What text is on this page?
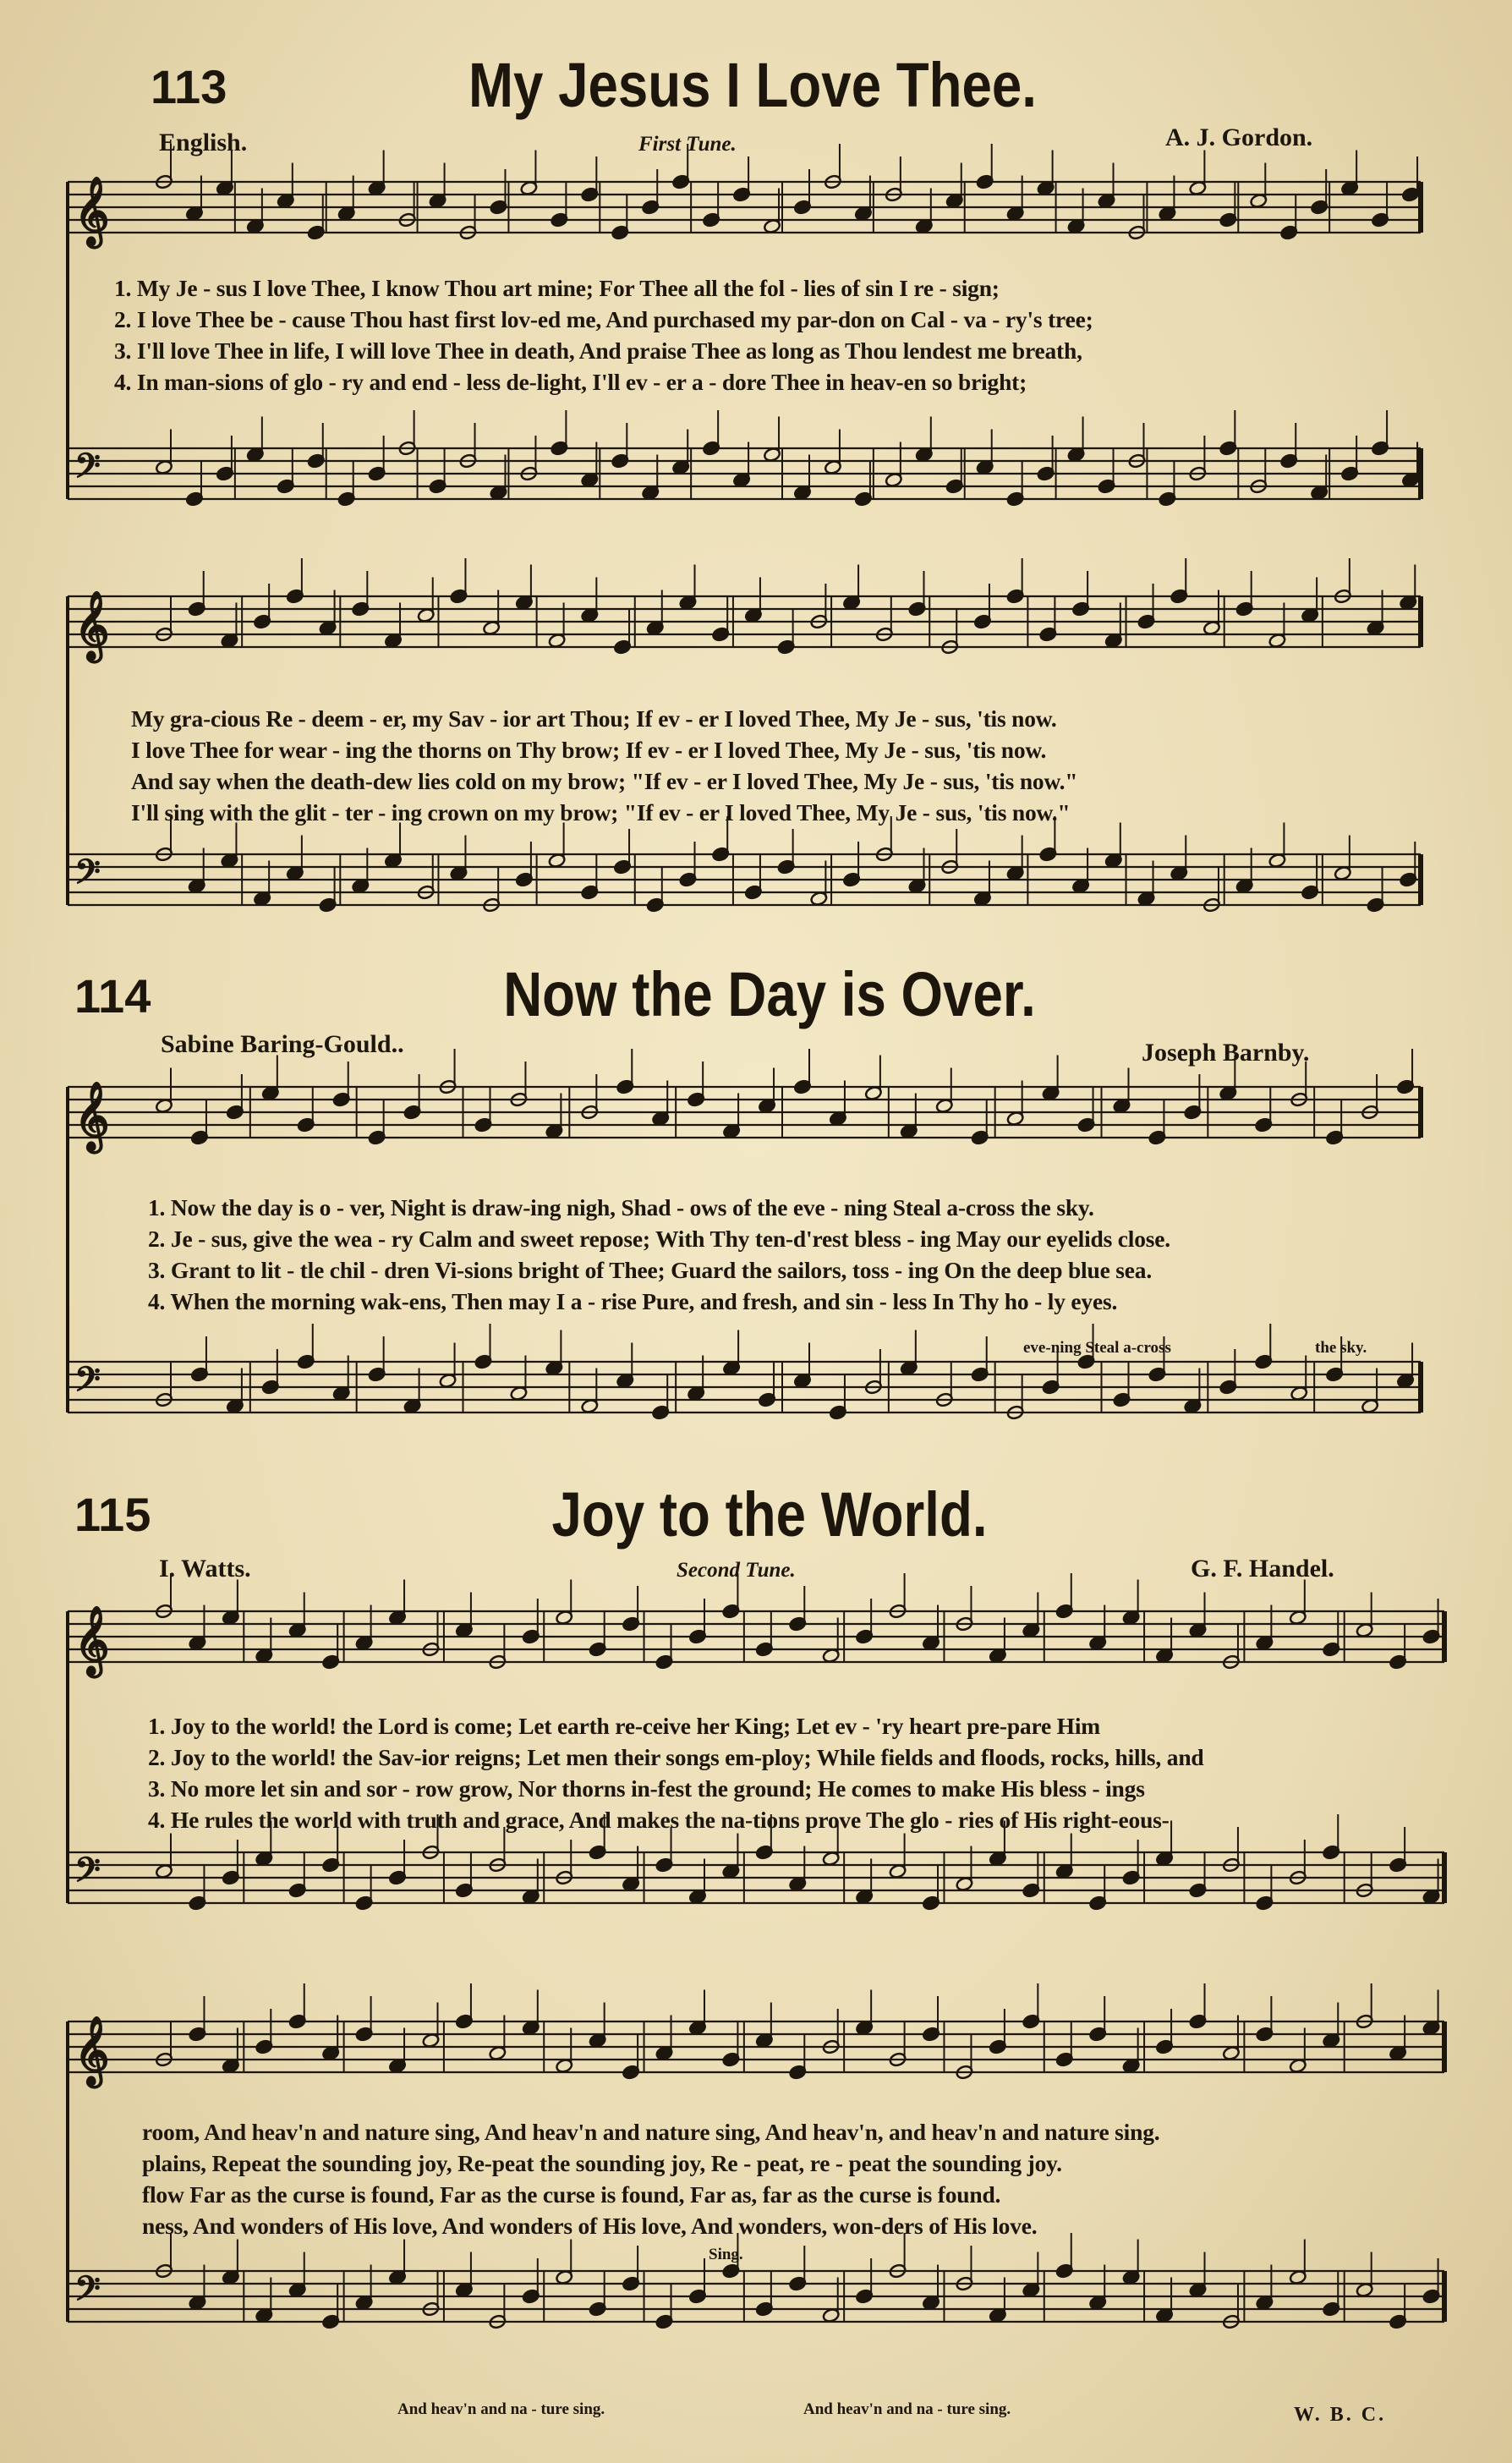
𝄞
𝄢
𝄞
𝄢
𝄞
𝄢
𝄞
𝄢
𝄞
𝄢
113	My Jesus I Love Thee.
English.	First Tune.	A. J. Gordon.
1. My Je - sus I love Thee, I know Thou art mine; For Thee all the fol - lies of sin I re - sign;
2. I love Thee be - cause Thou hast first lov-ed me, And purchased my par-don on Cal - va - ry's tree;
3. I'll love Thee in life, I will love Thee in death, And praise Thee as long as Thou lendest me breath,
4. In man-sions of glo - ry and end - less de-light, I'll ev - er a - dore Thee in heav-en so bright;
My gra-cious Re - deem - er, my Sav - ior art Thou; If ev - er I loved Thee, My Je - sus, 'tis now.
I love Thee for wear - ing the thorns on Thy brow; If ev - er I loved Thee, My Je - sus, 'tis now.
And say when the death-dew lies cold on my brow; "If ev - er I loved Thee, My Je - sus, 'tis now."
I'll sing with the glit - ter - ing crown on my brow; "If ev - er I loved Thee, My Je - sus, 'tis now."
114	Now the Day is Over.
Sabine Baring-Gould..	Joseph Barnby.
1. Now the day is o - ver, Night is draw-ing nigh, Shad - ows of the eve - ning Steal a-cross the sky.
2. Je - sus, give the wea - ry Calm and sweet repose; With Thy ten-d'rest bless - ing May our eyelids close.
3. Grant to lit - tle chil - dren Vi-sions bright of Thee; Guard the sailors, toss - ing On the deep blue sea.
4. When the morning wak-ens, Then may I a - rise Pure, and fresh, and sin - less In Thy ho - ly eyes.
eve-ning Steal a-cross	the sky.
115	Joy to the World.
I. Watts.	Second Tune.	G. F. Handel.
1. Joy to the world! the Lord is come; Let earth re-ceive her King; Let ev - 'ry heart pre-pare Him
2. Joy to the world! the Sav-ior reigns; Let men their songs em-ploy; While fields and floods, rocks, hills, and
3. No more let sin and sor - row grow, Nor thorns in-fest the ground; He comes to make His bless - ings
4. He rules the world with truth and grace, And makes the na-tions prove The glo - ries of His right-eous-
room, And heav'n and nature sing, And heav'n and nature sing, And heav'n, and heav'n and nature sing.
plains, Repeat the sounding joy, Re-peat the sounding joy, Re - peat, re - peat the sounding joy.
flow Far as the curse is found, Far as the curse is found, Far as, far as the curse is found.
ness, And wonders of His love, And wonders of His love, And wonders, won-ders of His love.
Sing.
And heav'n and na - ture sing.	And heav'n and na - ture sing.	W. B. C.
